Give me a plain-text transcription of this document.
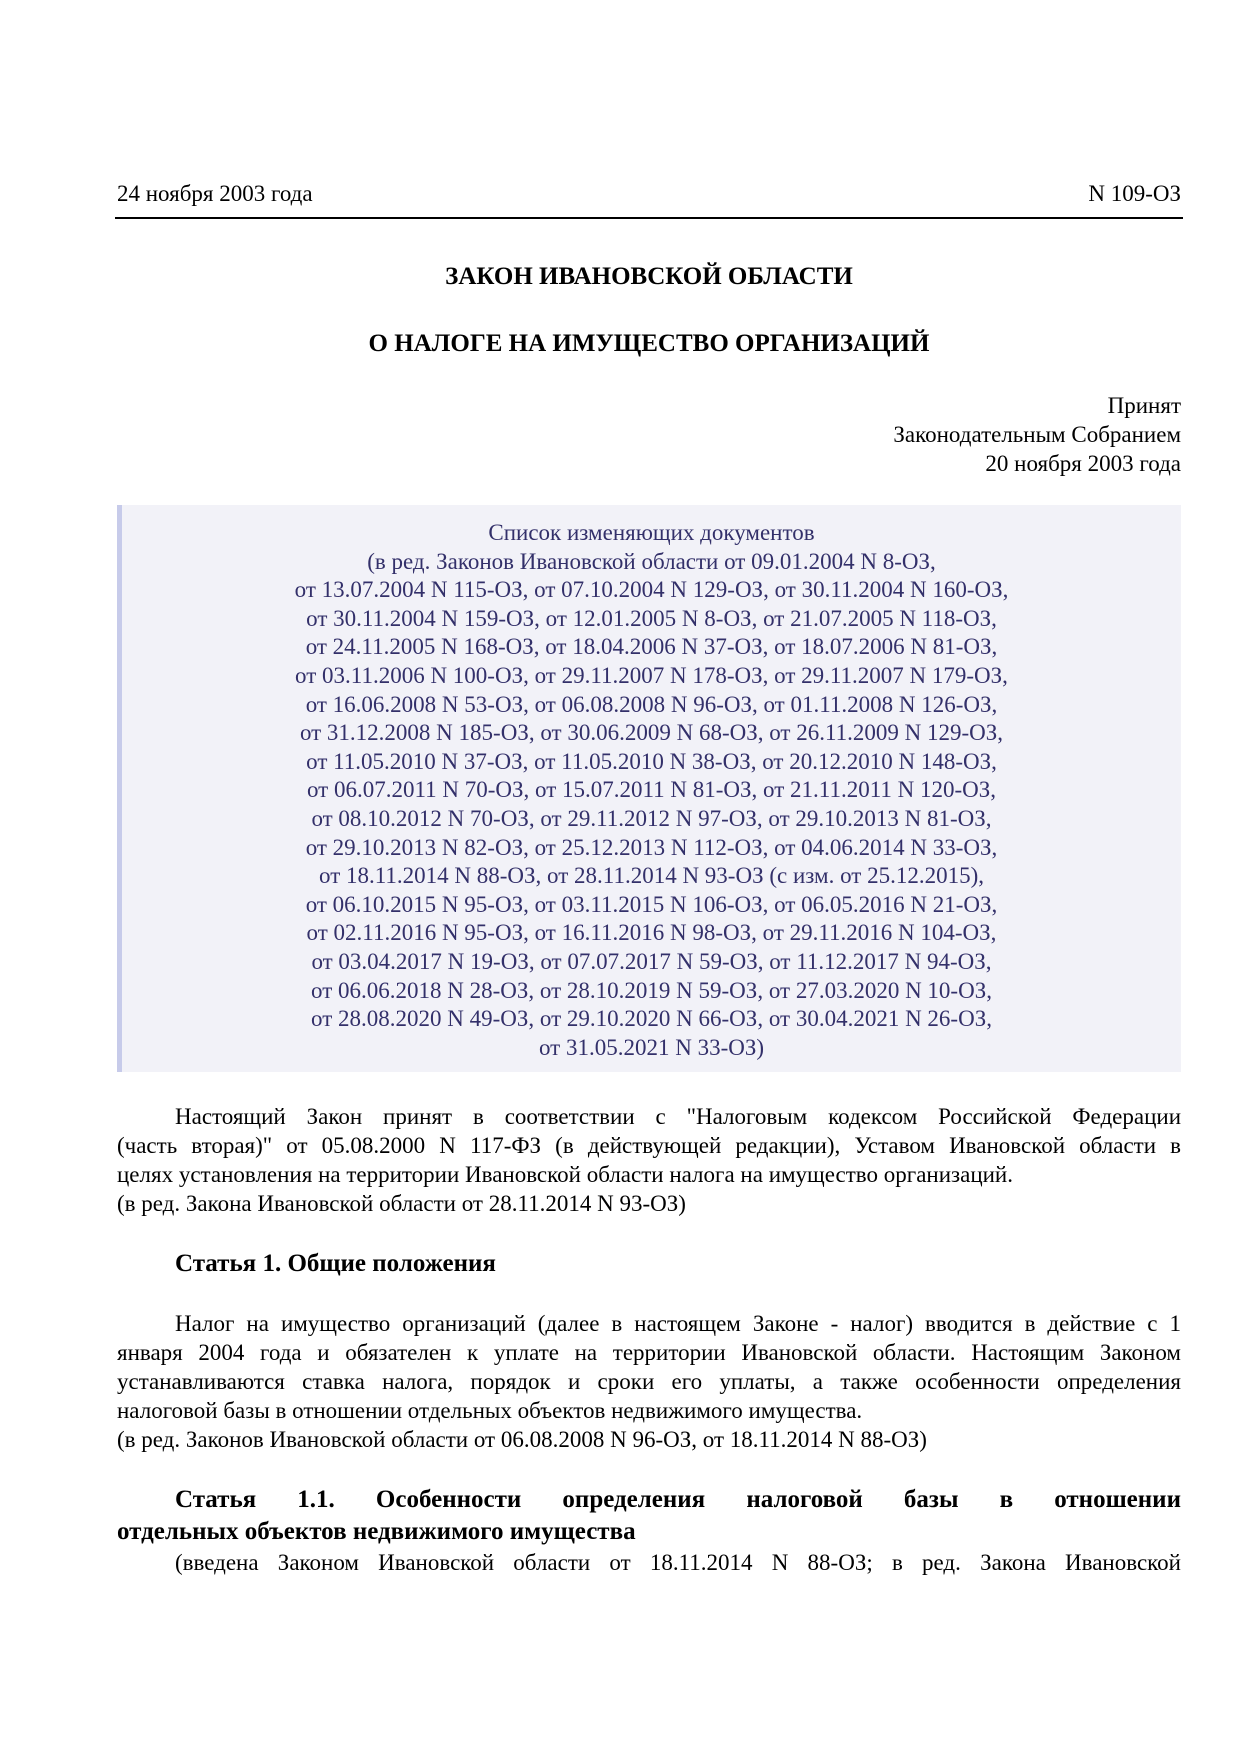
24 ноября 2003 года	N 109-ОЗ
ЗАКОН ИВАНОВСКОЙ ОБЛАСТИ
О НАЛОГЕ НА ИМУЩЕСТВО ОРГАНИЗАЦИЙ
Принят
Законодательным Собранием
20 ноября 2003 года
Список изменяющих документов
(в ред. Законов Ивановской области от 09.01.2004 N 8-ОЗ,
от 13.07.2004 N 115-ОЗ, от 07.10.2004 N 129-ОЗ, от 30.11.2004 N 160-ОЗ,
от 30.11.2004 N 159-ОЗ, от 12.01.2005 N 8-ОЗ, от 21.07.2005 N 118-ОЗ,
от 24.11.2005 N 168-ОЗ, от 18.04.2006 N 37-ОЗ, от 18.07.2006 N 81-ОЗ,
от 03.11.2006 N 100-ОЗ, от 29.11.2007 N 178-ОЗ, от 29.11.2007 N 179-ОЗ,
от 16.06.2008 N 53-ОЗ, от 06.08.2008 N 96-ОЗ, от 01.11.2008 N 126-ОЗ,
от 31.12.2008 N 185-ОЗ, от 30.06.2009 N 68-ОЗ, от 26.11.2009 N 129-ОЗ,
от 11.05.2010 N 37-ОЗ, от 11.05.2010 N 38-ОЗ, от 20.12.2010 N 148-ОЗ,
от 06.07.2011 N 70-ОЗ, от 15.07.2011 N 81-ОЗ, от 21.11.2011 N 120-ОЗ,
от 08.10.2012 N 70-ОЗ, от 29.11.2012 N 97-ОЗ, от 29.10.2013 N 81-ОЗ,
от 29.10.2013 N 82-ОЗ, от 25.12.2013 N 112-ОЗ, от 04.06.2014 N 33-ОЗ,
от 18.11.2014 N 88-ОЗ, от 28.11.2014 N 93-ОЗ (с изм. от 25.12.2015),
от 06.10.2015 N 95-ОЗ, от 03.11.2015 N 106-ОЗ, от 06.05.2016 N 21-ОЗ,
от 02.11.2016 N 95-ОЗ, от 16.11.2016 N 98-ОЗ, от 29.11.2016 N 104-ОЗ,
от 03.04.2017 N 19-ОЗ, от 07.07.2017 N 59-ОЗ, от 11.12.2017 N 94-ОЗ,
от 06.06.2018 N 28-ОЗ, от 28.10.2019 N 59-ОЗ, от 27.03.2020 N 10-ОЗ,
от 28.08.2020 N 49-ОЗ, от 29.10.2020 N 66-ОЗ, от 30.04.2021 N 26-ОЗ,
от 31.05.2021 N 33-ОЗ)
Настоящий Закон принят в соответствии с "Налоговым кодексом Российской Федерации
(часть вторая)" от 05.08.2000 N 117-ФЗ (в действующей редакции), Уставом Ивановской области в
целях установления на территории Ивановской области налога на имущество организаций.
(в ред. Закона Ивановской области от 28.11.2014 N 93-ОЗ)
Статья 1. Общие положения
Налог на имущество организаций (далее в настоящем Законе - налог) вводится в действие с 1
января 2004 года и обязателен к уплате на территории Ивановской области. Настоящим Законом
устанавливаются ставка налога, порядок и сроки его уплаты, а также особенности определения
налоговой базы в отношении отдельных объектов недвижимого имущества.
(в ред. Законов Ивановской области от 06.08.2008 N 96-ОЗ, от 18.11.2014 N 88-ОЗ)
Статья 1.1. Особенности определения налоговой базы в отношении
отдельных объектов недвижимого имущества
(введена Законом Ивановской области от 18.11.2014 N 88-ОЗ; в ред. Закона Ивановской
